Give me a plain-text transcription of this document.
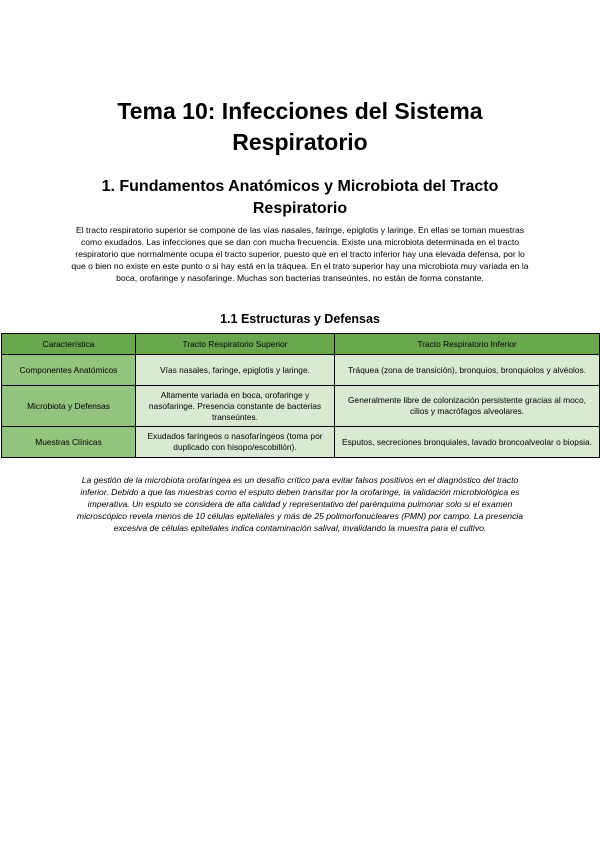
Tema 10: Infecciones del Sistema Respiratorio
1. Fundamentos Anatómicos y Microbiota del Tracto Respiratorio

El tracto respiratorio superior se compone de las vías nasales, faringe, epiglotis y laringe. En ellas se toman muestras como exudados. Las infecciones que se dan con mucha frecuencia. Existe una microbiota determinada en el tracto respiratorio que normalmente ocupa el tracto superior, puesto que en el tracto inferior hay una elevada defensa, por lo que o bien no existe en este punto o si hay está en la tráquea. En el trato superior hay una microbiota muy variada en la boca, orofaringe y nasofaringe. Muchas son bacterias transeúntes, no están de forma constante.

1.1 Estructuras y Defensas
Característica	Tracto Respiratorio Superior	Tracto Respiratorio Inferior
Componentes Anatómicos	Vías nasales, faringe, epiglotis y laringe.	Tráquea (zona de transición), bronquios, bronquiolos y alvéolos.
Microbiota y Defensas	Altamente variada en boca, orofaringe y nasofaringe. Presencia constante de bacterias transeúntes.	Generalmente libre de colonización persistente gracias al moco, cilios y macrófagos alveolares.
Muestras Clínicas	Exudados faríngeos o nasofaríngeos (toma por duplicado con hisopo/escobillón).	Esputos, secreciones bronquiales, lavado broncoalveolar o biopsia.

La gestión de la microbiota orofaríngea es un desafío crítico para evitar falsos positivos en el diagnóstico del tracto inferior. Debido a que las muestras como el esputo deben transitar por la orofaringe, la validación microbiológica es imperativa. Un esputo se considera de alta calidad y representativo del parénquima pulmonar solo si el examen microscópico revela menos de 10 células epiteliales y más de 25 polimorfonucleares (PMN) por campo. La presencia excesiva de células epiteliales indica contaminación salival, invalidando la muestra para el cultivo.
